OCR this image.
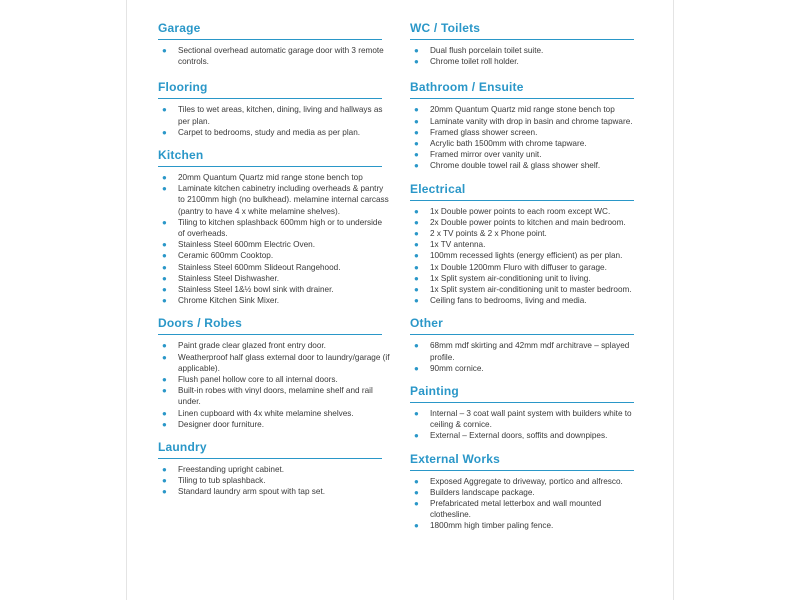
Garage
● Sectional overhead automatic garage door with 3 remote controls.
Flooring
● Tiles to wet areas, kitchen, dining, living and hallways as per plan.
● Carpet to bedrooms, study and media as per plan.
Kitchen
● 20mm Quantum Quartz mid range stone bench top
● Laminate kitchen cabinetry including overheads & pantry to 2100mm high (no bulkhead). melamine internal carcass (pantry to have 4 x white melamine shelves).
● Tiling to kitchen splashback 600mm high or to underside of overheads.
● Stainless Steel 600mm Electric Oven.
● Ceramic 600mm Cooktop.
● Stainless Steel 600mm Slideout Rangehood.
● Stainless Steel Dishwasher.
● Stainless Steel 1&½ bowl sink with drainer.
● Chrome Kitchen Sink Mixer.
Doors / Robes
● Paint grade clear glazed front entry door.
● Weatherproof half glass external door to laundry/garage (if applicable).
● Flush panel hollow core to all internal doors.
● Built-in robes with vinyl doors, melamine shelf and rail under.
● Linen cupboard with 4x white melamine shelves.
● Designer door furniture.
Laundry
● Freestanding upright cabinet.
● Tiling to tub splashback.
● Standard laundry arm spout with tap set.
WC / Toilets
● Dual flush porcelain toilet suite.
● Chrome toilet roll holder.
Bathroom / Ensuite
● 20mm Quantum Quartz mid range stone bench top
● Laminate vanity with drop in basin and chrome tapware.
● Framed glass shower screen.
● Acrylic bath 1500mm with chrome tapware.
● Framed mirror over vanity unit.
● Chrome double towel rail & glass shower shelf.
Electrical
● 1x Double power points to each room except WC.
● 2x Double power points to kitchen and main bedroom.
● 2 x TV points & 2 x Phone point.
● 1x TV antenna.
● 100mm recessed lights (energy efficient) as per plan.
● 1x Double 1200mm Fluro with diffuser to garage.
● 1x Split system air-conditioning unit to living.
● 1x Split system air-conditioning unit to master bedroom.
● Ceiling fans to bedrooms, living and media.
Other
● 68mm mdf skirting and 42mm mdf architrave – splayed profile.
● 90mm cornice.
Painting
● Internal – 3 coat wall paint system with builders white to ceiling & cornice.
● External – External doors, soffits and downpipes.
External Works
● Exposed Aggregate to driveway, portico and alfresco.
● Builders landscape package.
● Prefabricated metal letterbox and wall mounted clothesline.
● 1800mm high timber paling fence.
